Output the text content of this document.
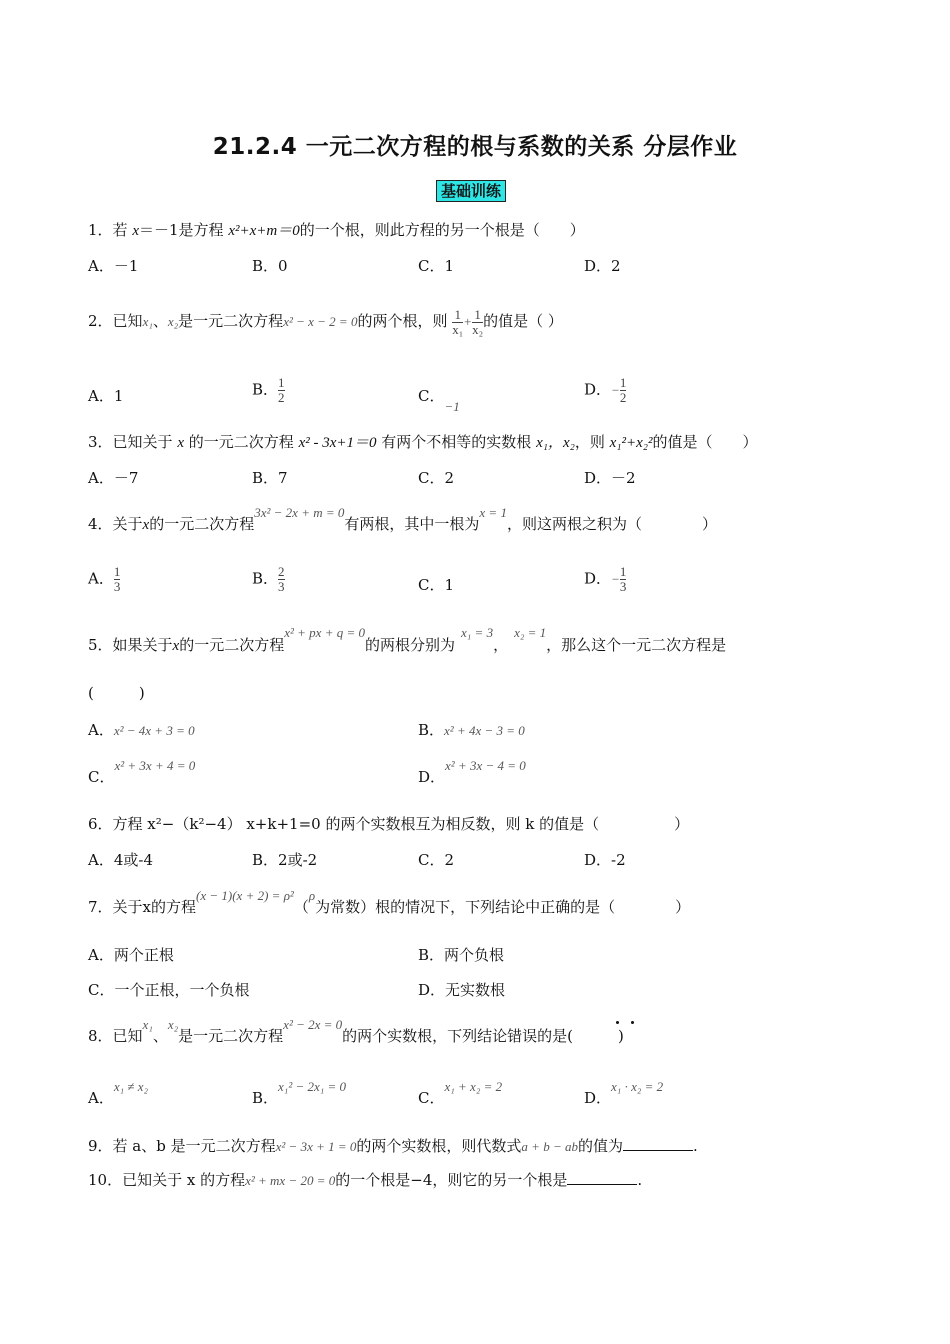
21.2.4 一元二次方程的根与系数的关系 分层作业
基础训练
1．若 x＝－1是方程 x²+x+m＝0的一个根，则此方程的另一个根是（　　）
A．－1	B．0	C．1	D．2
2．已知x₁、x₂是一元二次方程x² − x − 2 = 0的两个根，则 $\frac{1}{\text{x₁}} + \frac{1}{\text{x₂}}$ 的值是（ ）
A．1	B． $\frac{1}{2}$	C．−1
D．− $\frac{1}{2}$
3．已知关于 x 的一元二次方程 x² - 3x+1＝0 有两个不相等的实数根 x₁，x₂，则 x₁²+x₂²的值是（　　）
A．－7	B．7	C．2	D．－2
4．关于x的一元二次方程3x² − 2x + m = 0有两根，其中一根为x = 1，则这两根之积为（　　　　）
A． $\frac{1}{3}$	B． $\frac{2}{3}$	C．1	D．− $\frac{1}{3}$
5．如果关于x的一元二次方程x² + px + q = 0的两根分别为x₁ = 3，x₂ = 1，那么这个一元二次方程是
(　　　)
A．x² − 4x + 3 = 0	B．x² + 4x − 3 = 0
C．x² + 3x + 4 = 0
D．x² + 3x − 4 = 0
6．方程 x²−（k²−4） x+k+1=0 的两个实数根互为相反数，则 k 的值是（　　　　　）
A．4或-4	B．2或-2	C．2	D．-2
7．关于x的方程(x − 1)(x + 2) = ρ²（ρ为常数）根的情况下，下列结论中正确的是（　　　　）
A．两个正根	B．两个负根
C．一个正根，一个负根	D．无实数根
8．已知x₁、x₂是一元二次方程x² − 2x = 0的两个实数根，下列结论错误的是(　　　)
A．x₁ ≠ x₂
B．x₁² − 2x₁ = 0
C．x₁ + x₂ = 2
D．x₁ · x₂ = 2
9．若 a、b 是一元二次方程x² − 3x + 1 = 0的两个实数根，则代数式a + b − ab的值为	.
10．已知关于 x 的方程x² + mx − 20 = 0的一个根是−4，则它的另一个根是	.
